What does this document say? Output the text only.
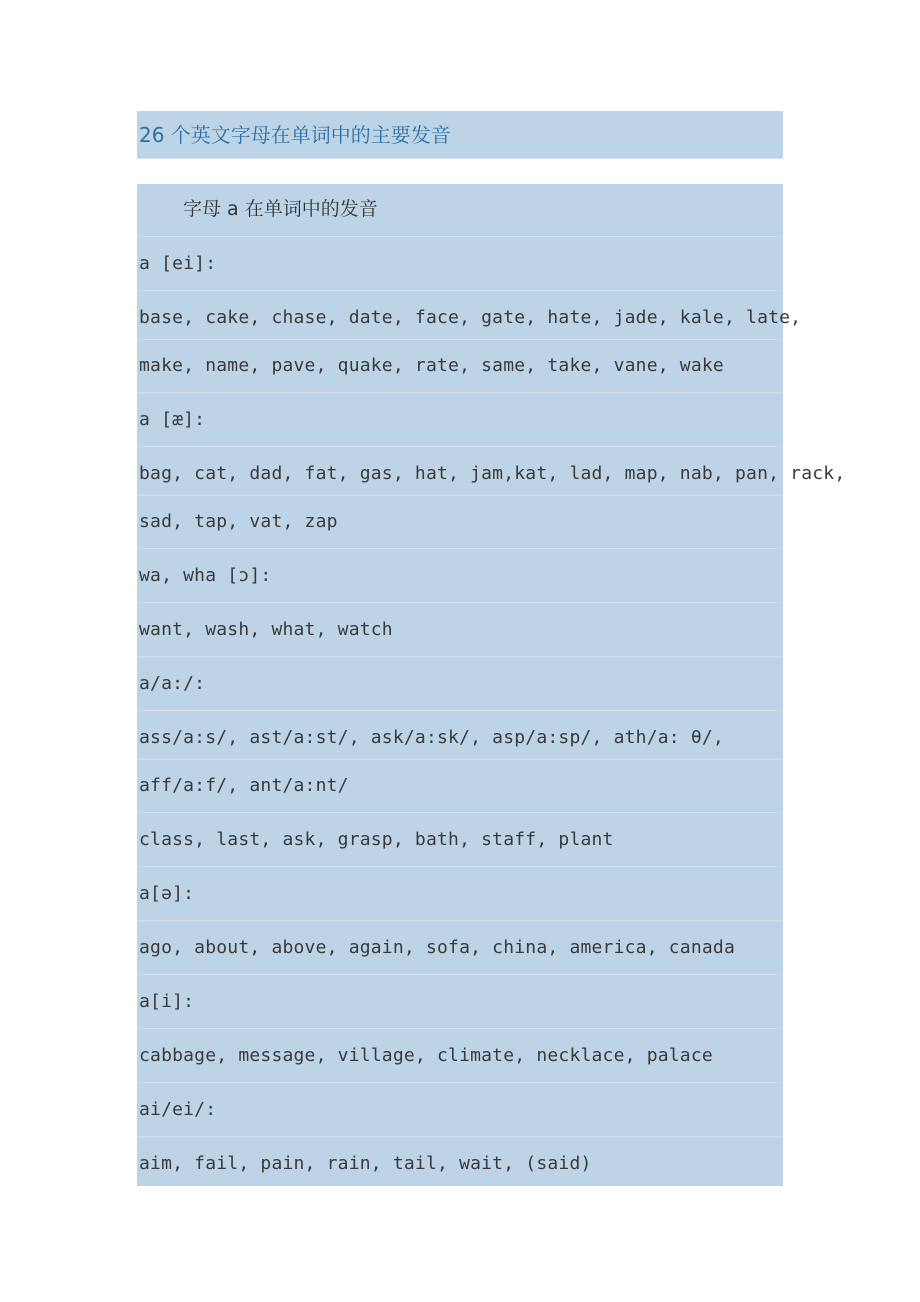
26 个英文字母在单词中的主要发音
字母 a 在单词中的发音
a [ei]:
base, cake, chase, date, face, gate, hate, jade, kale, late,
make, name, pave, quake, rate, same, take, vane, wake
a [æ]:
bag, cat, dad, fat, gas, hat, jam,kat, lad, map, nab, pan, rack,
sad, tap, vat, zap
wa, wha [ɔ]:
want, wash, what, watch
a/a:/:
ass/a:s/, ast/a:st/, ask/a:sk/, asp/a:sp/, ath/a: θ/,
aff/a:f/, ant/a:nt/
class, last, ask, grasp, bath, staff, plant
a[ə]:
ago, about, above, again, sofa, china, america, canada
a[i]:
cabbage, message, village, climate, necklace, palace
ai/ei/:
aim, fail, pain, rain, tail, wait, (said)
